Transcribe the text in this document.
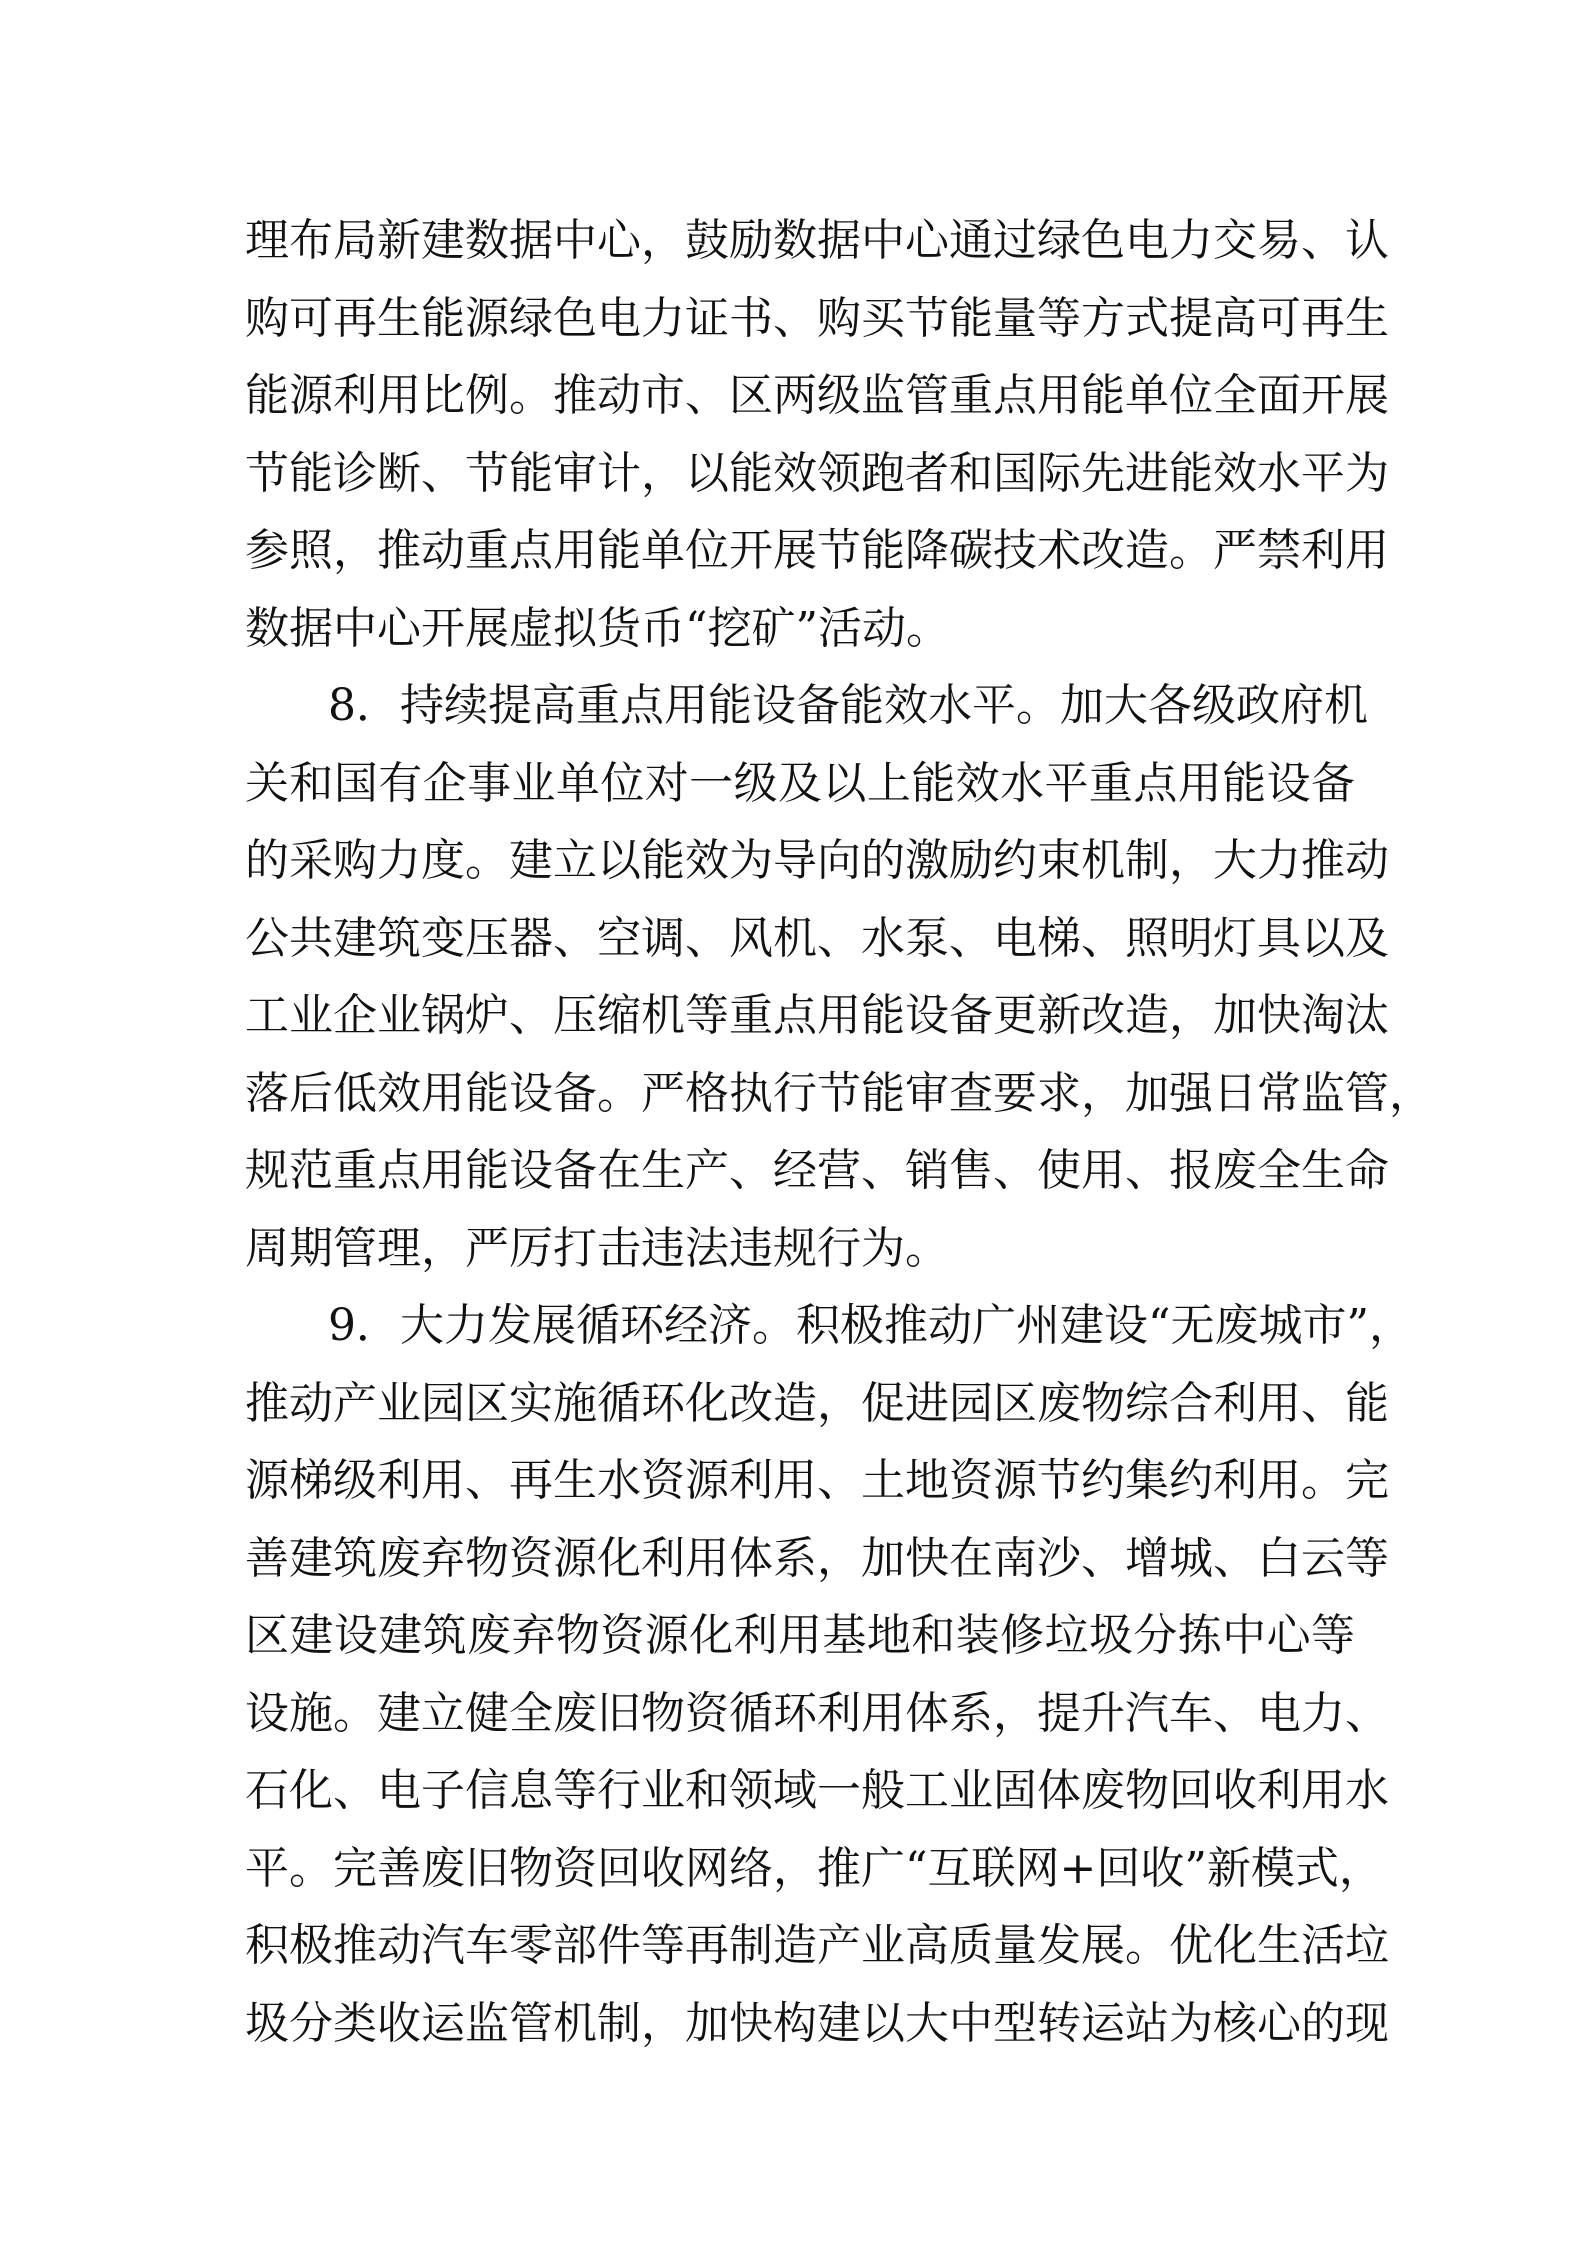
理布局新建数据中心，鼓励数据中心通过绿色电力交易、认
购可再生能源绿色电力证书、购买节能量等方式提高可再生
能源利用比例。推动市、区两级监管重点用能单位全面开展
节能诊断、节能审计，以能效领跑者和国际先进能效水平为
参照，推动重点用能单位开展节能降碳技术改造。严禁利用
数据中心开展虚拟货币“挖矿”活动。
8．持续提高重点用能设备能效水平。加大各级政府机
关和国有企事业单位对一级及以上能效水平重点用能设备
的采购力度。建立以能效为导向的激励约束机制，大力推动
公共建筑变压器、空调、风机、水泵、电梯、照明灯具以及
工业企业锅炉、压缩机等重点用能设备更新改造，加快淘汰
落后低效用能设备。严格执行节能审查要求，加强日常监管，
规范重点用能设备在生产、经营、销售、使用、报废全生命
周期管理，严厉打击违法违规行为。
9．大力发展循环经济。积极推动广州建设“无废城市”，
推动产业园区实施循环化改造，促进园区废物综合利用、能
源梯级利用、再生水资源利用、土地资源节约集约利用。完
善建筑废弃物资源化利用体系，加快在南沙、增城、白云等
区建设建筑废弃物资源化利用基地和装修垃圾分拣中心等
设施。建立健全废旧物资循环利用体系，提升汽车、电力、
石化、电子信息等行业和领域一般工业固体废物回收利用水
平。完善废旧物资回收网络，推广“互联网+回收”新模式，
积极推动汽车零部件等再制造产业高质量发展。优化生活垃
圾分类收运监管机制，加快构建以大中型转运站为核心的现
